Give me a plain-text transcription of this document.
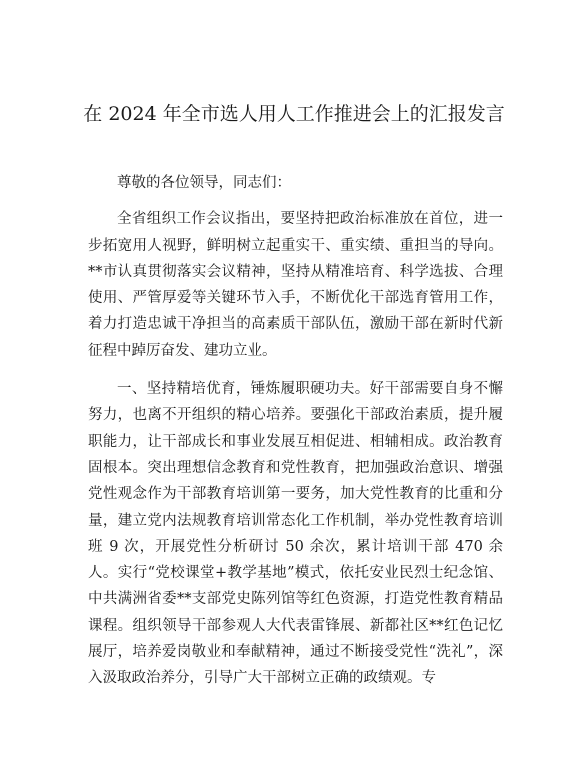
在 2024 年全市选人用人工作推进会上的汇报发言

尊敬的各位领导，同志们：

全省组织工作会议指出，要坚持把政治标准放在首位，进一步拓宽用人视野，鲜明树立起重实干、重实绩、重担当的导向。**市认真贯彻落实会议精神，坚持从精准培育、科学选拔、合理使用、严管厚爱等关键环节入手，不断优化干部选育管用工作，着力打造忠诚干净担当的高素质干部队伍，激励干部在新时代新征程中踔厉奋发、建功立业。

一、坚持精培优育，锤炼履职硬功夫。好干部需要自身不懈努力，也离不开组织的精心培养。要强化干部政治素质，提升履职能力，让干部成长和事业发展互相促进、相辅相成。政治教育固根本。突出理想信念教育和党性教育，把加强政治意识、增强党性观念作为干部教育培训第一要务，加大党性教育的比重和分量，建立党内法规教育培训常态化工作机制，举办党性教育培训班 9 次，开展党性分析研讨 50 余次，累计培训干部 470 余人。实行“党校课堂+教学基地”模式，依托安业民烈士纪念馆、中共满洲省委**支部党史陈列馆等红色资源，打造党性教育精品课程。组织领导干部参观人大代表雷锋展、新都社区**红色记忆展厅，培养爱岗敬业和奉献精神，通过不断接受党性“洗礼”，深入汲取政治养分，引导广大干部树立正确的政绩观。专
